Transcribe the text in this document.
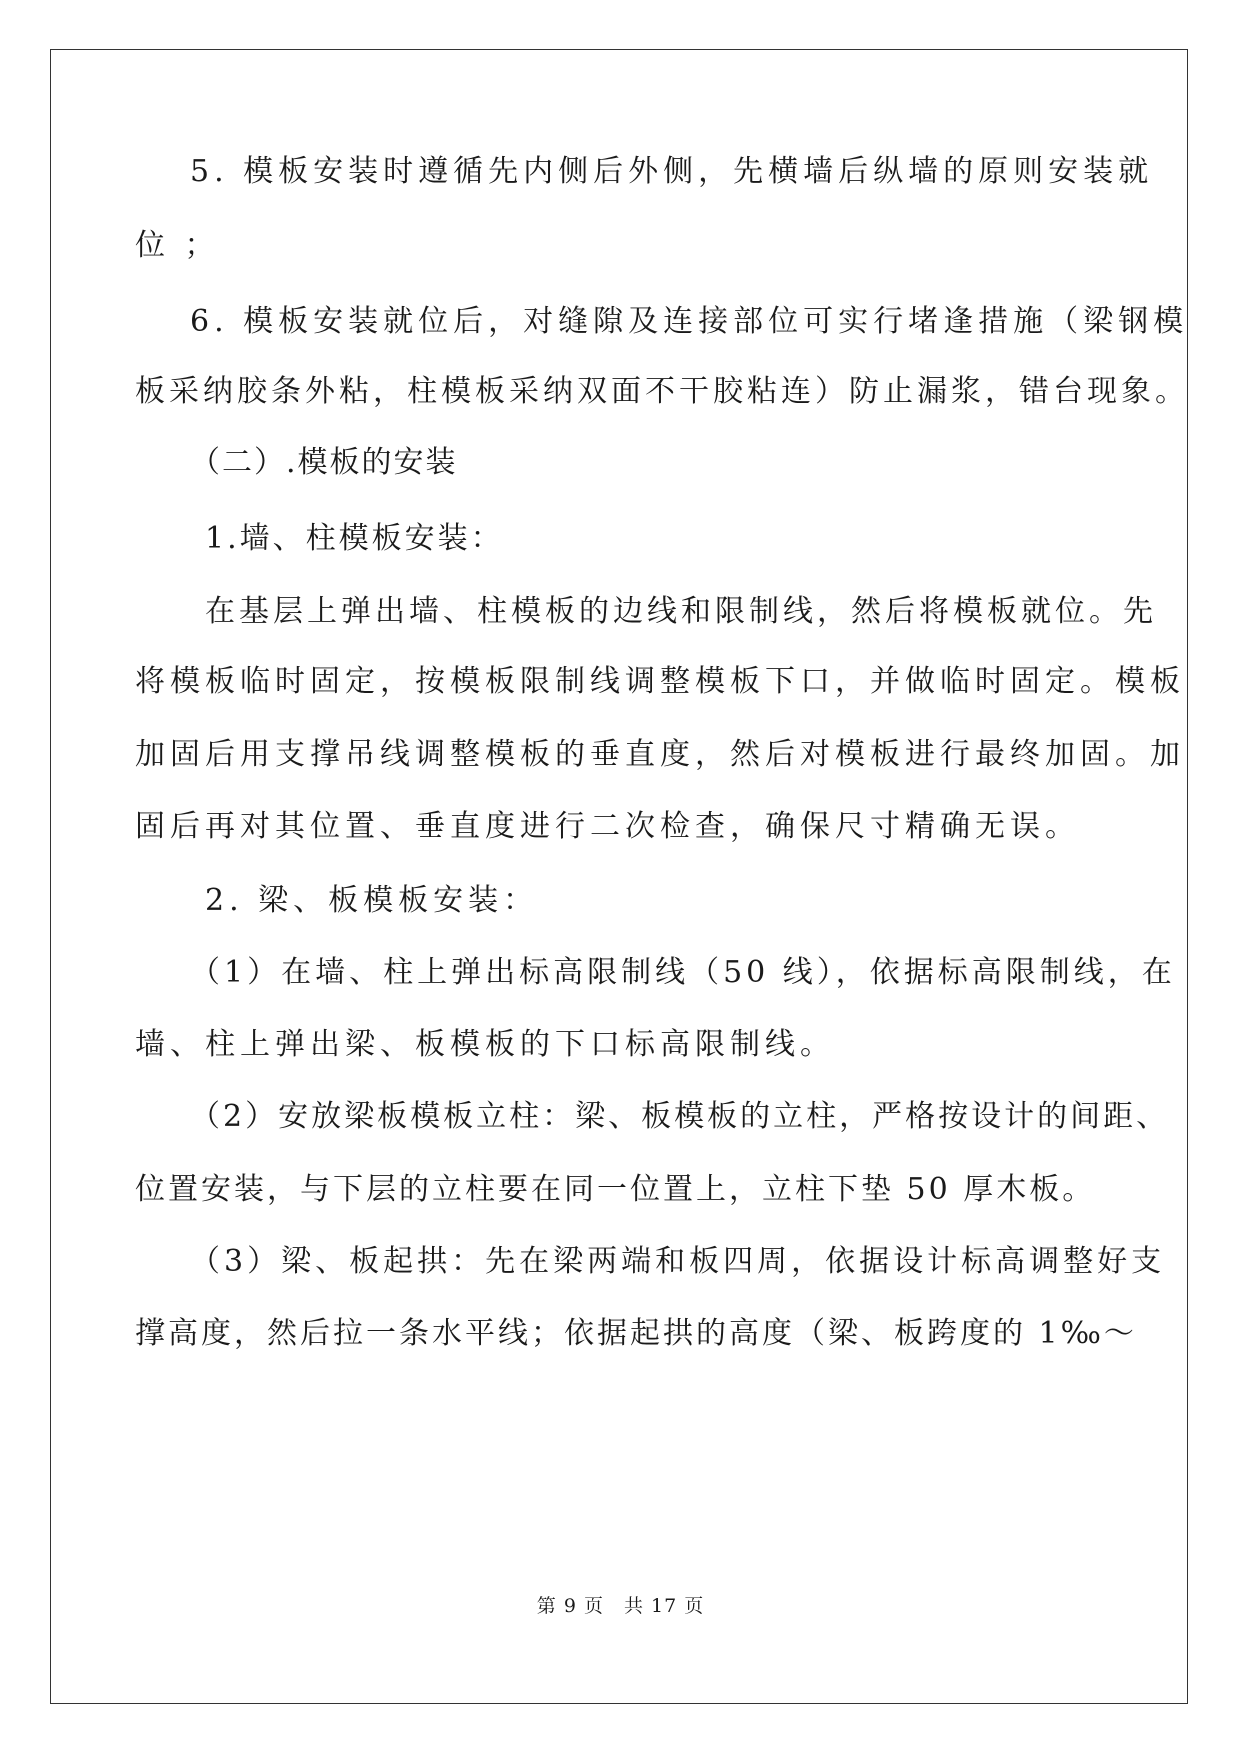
5. 模板安装时遵循先内侧后外侧，先横墙后纵墙的原则安装就
位 ；
6. 模板安装就位后，对缝隙及连接部位可实行堵逢措施（梁钢模
板采纳胶条外粘，柱模板采纳双面不干胶粘连）防止漏浆，错台现象。
（二）.模板的安装
1.墙、柱模板安装：
在基层上弹出墙、柱模板的边线和限制线，然后将模板就位。先
将模板临时固定，按模板限制线调整模板下口，并做临时固定。模板
加固后用支撑吊线调整模板的垂直度，然后对模板进行最终加固。加
固后再对其位置、垂直度进行二次检查，确保尺寸精确无误。
2. 梁、板模板安装：
（1）在墙、柱上弹出标高限制线（50 线），依据标高限制线，在
墙、柱上弹出梁、板模板的下口标高限制线。
（2）安放梁板模板立柱：梁、板模板的立柱，严格按设计的间距、
位置安装，与下层的立柱要在同一位置上，立柱下垫 50 厚木板。
（3）梁、板起拱：先在梁两端和板四周，依据设计标高调整好支
撑高度，然后拉一条水平线；依据起拱的高度（梁、板跨度的 1‰～
第 9 页 共 17 页
